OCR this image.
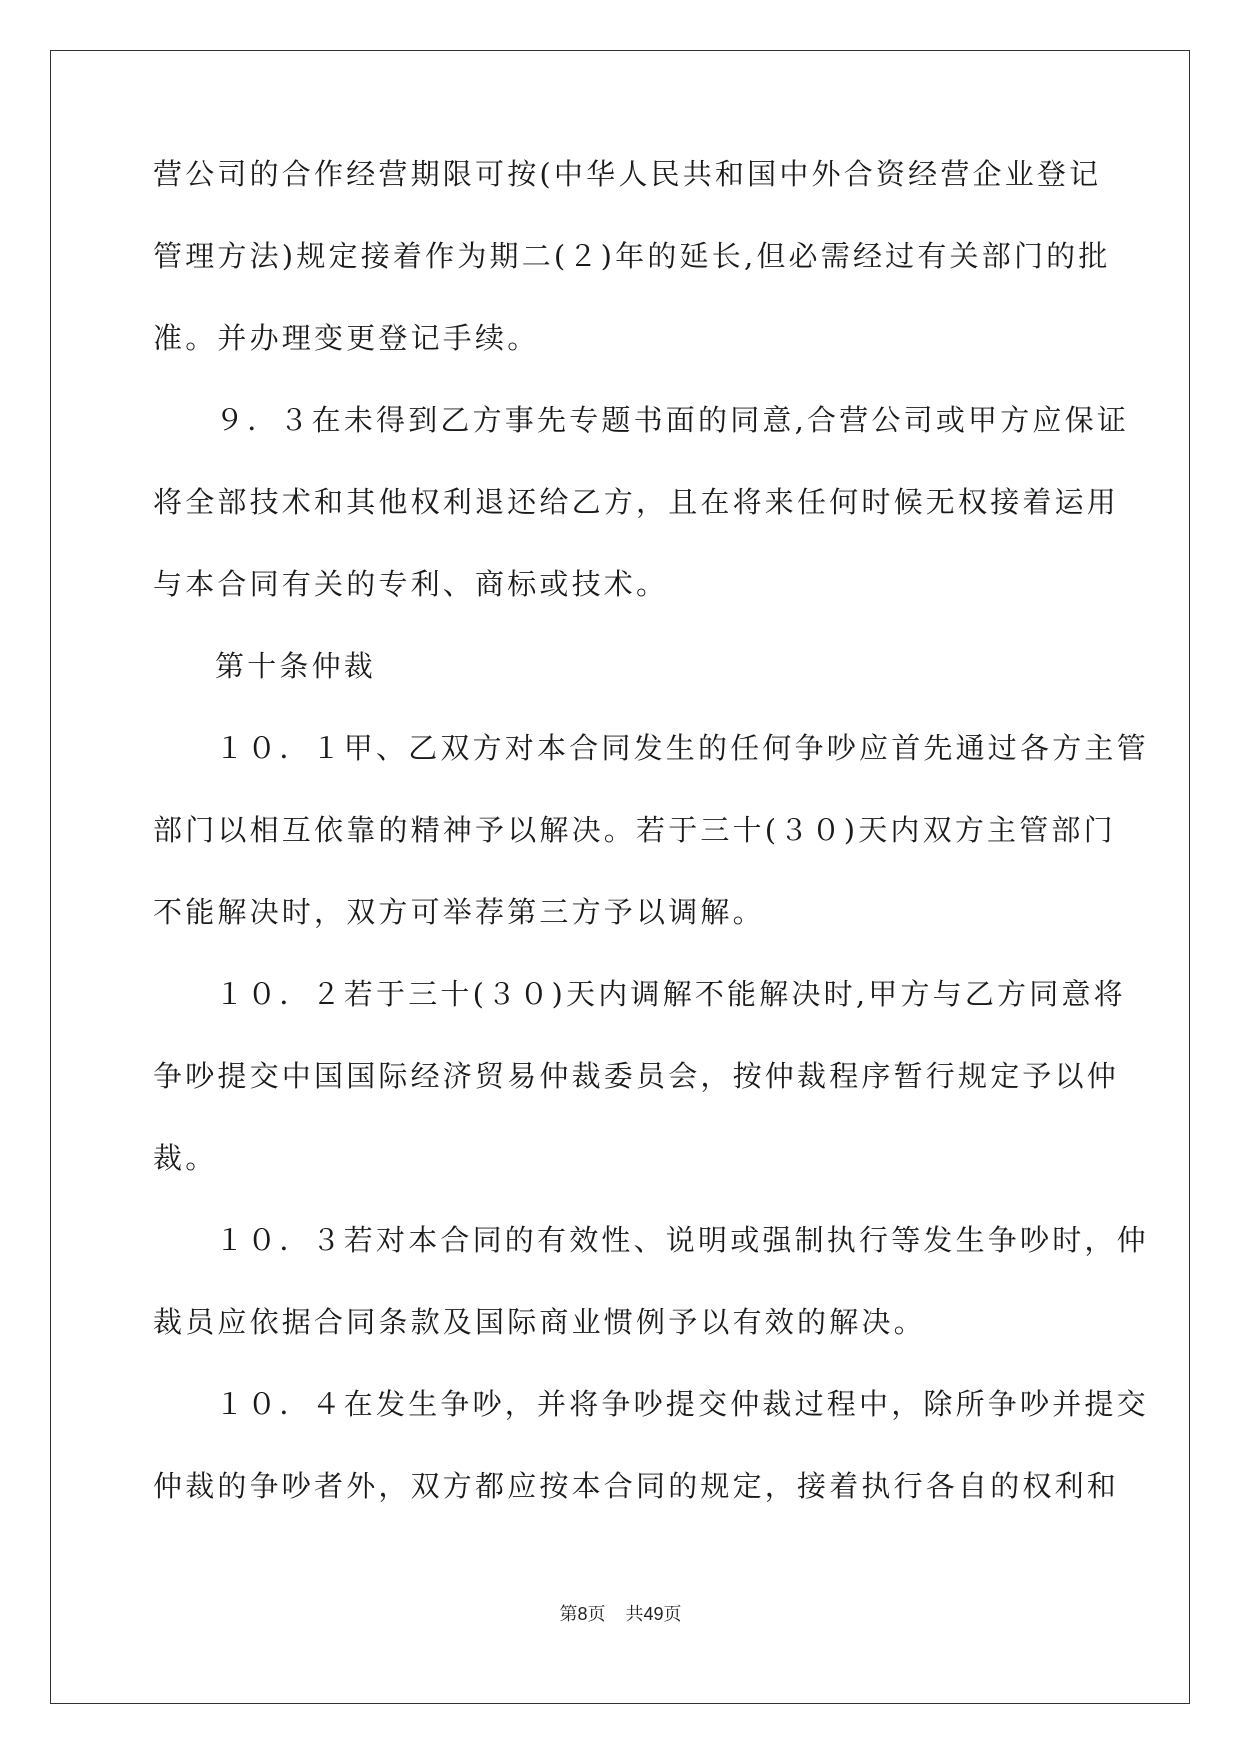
营公司的合作经营期限可按(中华人民共和国中外合资经营企业登记
管理方法)规定接着作为期二(２)年的延长,但必需经过有关部门的批
准。并办理变更登记手续。
９．３在未得到乙方事先专题书面的同意,合营公司或甲方应保证
将全部技术和其他权利退还给乙方，且在将来任何时候无权接着运用
与本合同有关的专利、商标或技术。
第十条仲裁
１０．１甲、乙双方对本合同发生的任何争吵应首先通过各方主管
部门以相互依靠的精神予以解决。若于三十(３０)天内双方主管部门
不能解决时，双方可举荐第三方予以调解。
１０．２若于三十(３０)天内调解不能解决时,甲方与乙方同意将
争吵提交中国国际经济贸易仲裁委员会，按仲裁程序暂行规定予以仲
裁。
１０．３若对本合同的有效性、说明或强制执行等发生争吵时，仲
裁员应依据合同条款及国际商业惯例予以有效的解决。
１０．４在发生争吵，并将争吵提交仲裁过程中，除所争吵并提交
仲裁的争吵者外，双方都应按本合同的规定，接着执行各自的权利和
第8页 共49页
